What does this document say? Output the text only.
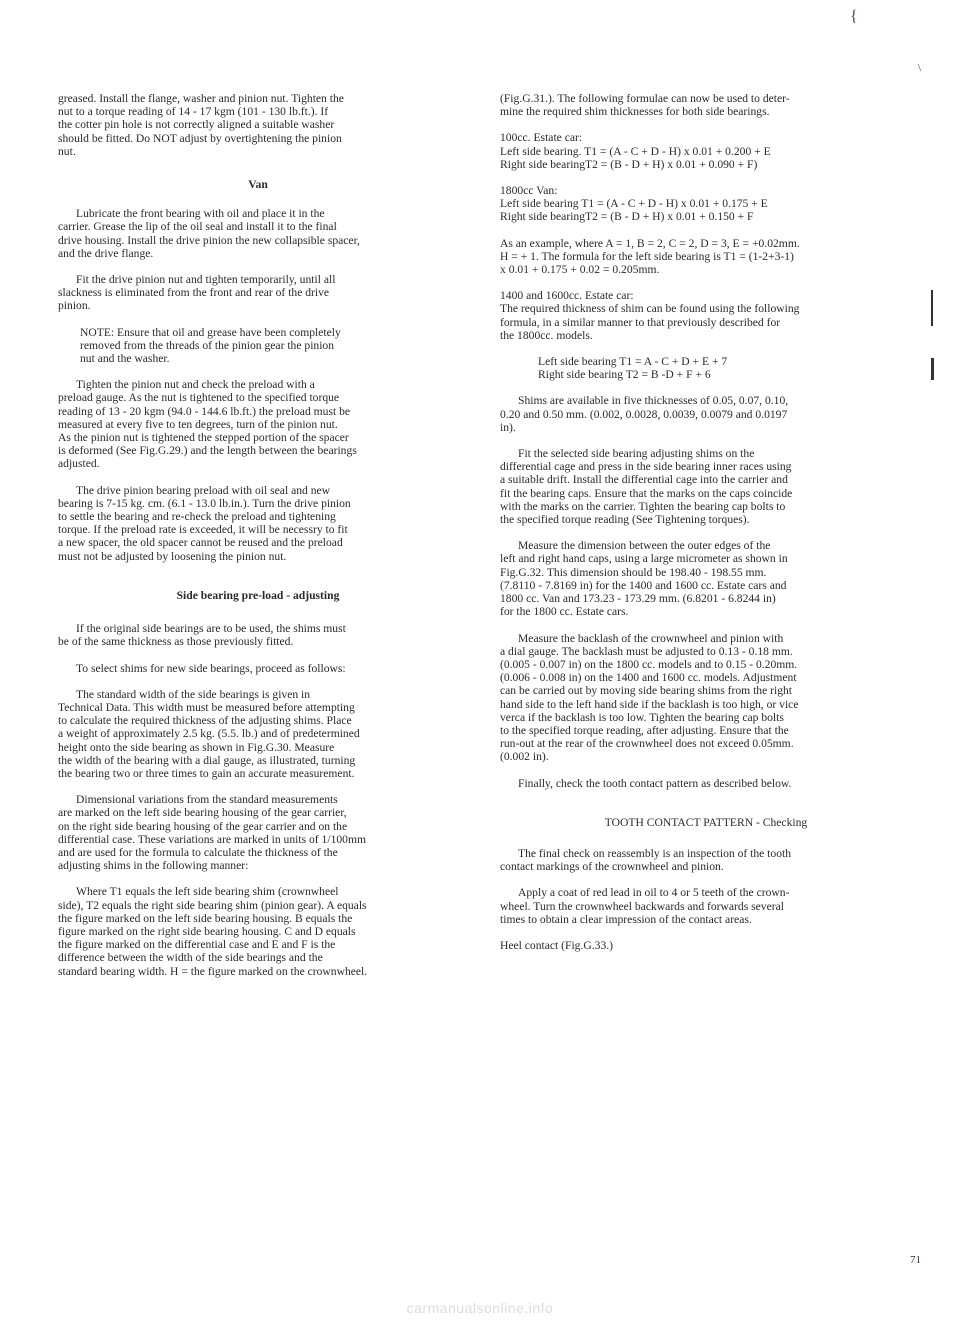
greased. Install the flange, washer and pinion nut. Tighten the
nut to a torque reading of 14 - 17 kgm (101 - 130 lb.ft.). If
the cotter pin hole is not correctly aligned a suitable washer
should be fitted. Do NOT adjust by overtightening the pinion
nut.

Van

Lubricate the front bearing with oil and place it in the
carrier. Grease the lip of the oil seal and install it to the final
drive housing. Install the drive pinion the new collapsible spacer,
and the drive flange.

Fit the drive pinion nut and tighten temporarily, until all
slackness is eliminated from the front and rear of the drive
pinion.

NOTE: Ensure that oil and grease have been completely
removed from the threads of the pinion gear the pinion
nut and the washer.

Tighten the pinion nut and check the preload with a
preload gauge. As the nut is tightened to the specified torque
reading of 13 - 20 kgm (94.0 - 144.6 lb.ft.) the preload must be
measured at every five to ten degrees, turn of the pinion nut.
As the pinion nut is tightened the stepped portion of the spacer
is deformed (See Fig.G.29.) and the length between the bearings
adjusted.

The drive pinion bearing preload with oil seal and new
bearing is 7-15 kg. cm. (6.1 - 13.0 lb.in.). Turn the drive pinion
to settle the bearing and re-check the preload and tightening
torque. If the preload rate is exceeded, it will be necessry to fit
a new spacer, the old spacer cannot be reused and the preload
must not be adjusted by loosening the pinion nut.

Side bearing pre-load - adjusting

If the original side bearings are to be used, the shims must
be of the same thickness as those previously fitted.

To select shims for new side bearings, proceed as follows:

The standard width of the side bearings is given in
Technical Data. This width must be measured before attempting
to calculate the required thickness of the adjusting shims. Place
a weight of approximately 2.5 kg. (5.5. lb.) and of predetermined
height onto the side bearing as shown in Fig.G.30. Measure
the width of the bearing with a dial gauge, as illustrated, turning
the bearing two or three times to gain an accurate measurement.

Dimensional variations from the standard measurements
are marked on the left side bearing housing of the gear carrier,
on the right side bearing housing of the gear carrier and on the
differential case. These variations are marked in units of 1/100mm
and are used for the formula to calculate the thickness of the
adjusting shims in the following manner:

Where T1 equals the left side bearing shim (crownwheel
side), T2 equals the right side bearing shim (pinion gear). A equals
the figure marked on the left side bearing housing. B equals the
figure marked on the right side bearing housing. C and D equals
the figure marked on the differential case and E and F is the
difference between the width of the side bearings and the
standard bearing width. H = the figure marked on the crownwheel.

(Fig.G.31.). The following formulae can now be used to deter-
mine the required shim thicknesses for both side bearings.

100cc. Estate car:
Left side bearing. T1 = (A - C + D - H) x 0.01 + 0.200 + E
Right side bearingT2 = (B - D + H) x 0.01 + 0.090 + F)

1800cc Van:
Left side bearing T1 = (A - C + D - H) x 0.01 + 0.175 + E
Right side bearingT2 = (B - D + H) x 0.01 + 0.150 + F

As an example, where A = 1, B = 2, C = 2, D = 3, E = +0.02mm.
H = + 1. The formula for the left side bearing is T1 = (1-2+3-1)
x 0.01 + 0.175 + 0.02 = 0.205mm.

1400 and 1600cc. Estate car:
The required thickness of shim can be found using the following
formula, in a similar manner to that previously described for
the 1800cc. models.

Left side bearing T1 = A - C + D + E + 7
Right side bearing T2 = B -D + F + 6

Shims are available in five thicknesses of 0.05, 0.07, 0.10,
0.20 and 0.50 mm. (0.002, 0.0028, 0.0039, 0.0079 and 0.0197
in).

Fit the selected side bearing adjusting shims on the
differential cage and press in the side bearing inner races using
a suitable drift. Install the differential cage into the carrier and
fit the bearing caps. Ensure that the marks on the caps coincide
with the marks on the carrier. Tighten the bearing cap bolts to
the specified torque reading (See Tightening torques).

Measure the dimension between the outer edges of the
left and right hand caps, using a large micrometer as shown in
Fig.G.32. This dimension should be 198.40 - 198.55 mm.
(7.8110 - 7.8169 in) for the 1400 and 1600 cc. Estate cars and
1800 cc. Van and 173.23 - 173.29 mm. (6.8201 - 6.8244 in)
for the 1800 cc. Estate cars.

Measure the backlash of the crownwheel and pinion with
a dial gauge. The backlash must be adjusted to 0.13 - 0.18 mm.
(0.005 - 0.007 in) on the 1800 cc. models and to 0.15 - 0.20mm.
(0.006 - 0.008 in) on the 1400 and 1600 cc. models. Adjustment
can be carried out by moving side bearing shims from the right
hand side to the left hand side if the backlash is too high, or vice
verca if the backlash is too low. Tighten the bearing cap bolts
to the specified torque reading, after adjusting. Ensure that the
run-out at the rear of the crownwheel does not exceed 0.05mm.
(0.002 in).

Finally, check the tooth contact pattern as described below.

TOOTH CONTACT PATTERN - Checking

The final check on reassembly is an inspection of the tooth
contact markings of the crownwheel and pinion.

Apply a coat of red lead in oil to 4 or 5 teeth of the crown-
wheel. Turn the crownwheel backwards and forwards several
times to obtain a clear impression of the contact areas.

Heel contact (Fig.G.33.)

{
\
71
carmanualsonline.info
